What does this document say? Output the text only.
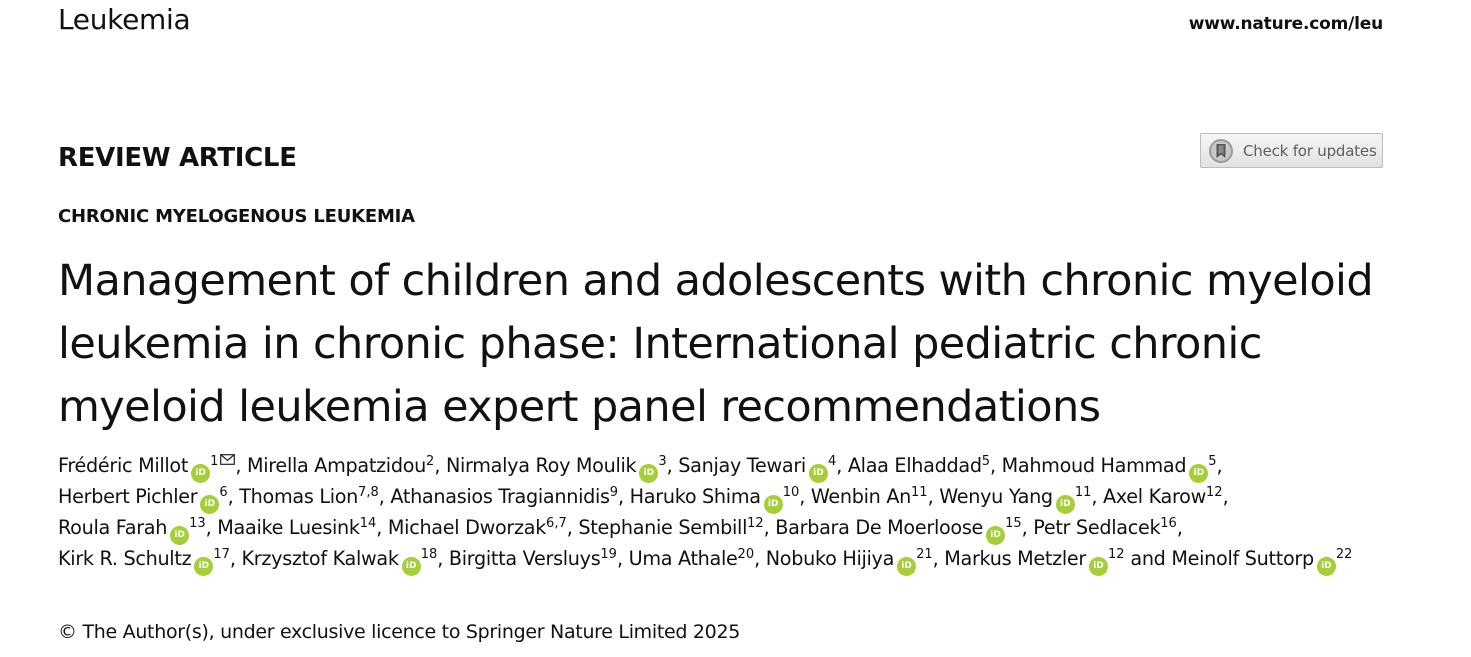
Leukemia	www.nature.com/leu
REVIEW ARTICLE	Check for updates
CHRONIC MYELOGENOUS LEUKEMIA
Management of children and adolescents with chronic myeloid leukemia in chronic phase: International pediatric chronic myeloid leukemia expert panel recommendations

Frédéric Millot $iD^1$ , Mirella Ampatzidou$^2$, Nirmalya Roy Moulik $iD^3$, Sanjay Tewari $iD^4$, Alaa Elhaddad$^5$, Mahmoud Hammad $iD^5$, Herbert Pichler $iD^6$, Thomas Lion$^{7,8}$, Athanasios Tragiannidis$^9$, Haruko Shima $iD^{10}$, Wenbin An$^{11}$, Wenyu Yang $iD^{11}$, Axel Karow$^{12}$, Roula Farah $iD^{13}$, Maaike Luesink$^{14}$, Michael Dworzak$^{6,7}$, Stephanie Sembill$^{12}$, Barbara De Moerloose $iD^{15}$, Petr Sedlacek$^{16}$, Kirk R. Schultz $iD^{17}$, Krzysztof Kalwak $iD^{18}$, Birgitta Versluys$^{19}$, Uma Athale$^{20}$, Nobuko Hijiya $iD^{21}$, Markus Metzler $iD^{12}$ and Meinolf Suttorp $iD^{22}$

© The Author(s), under exclusive licence to Springer Nature Limited 2025
